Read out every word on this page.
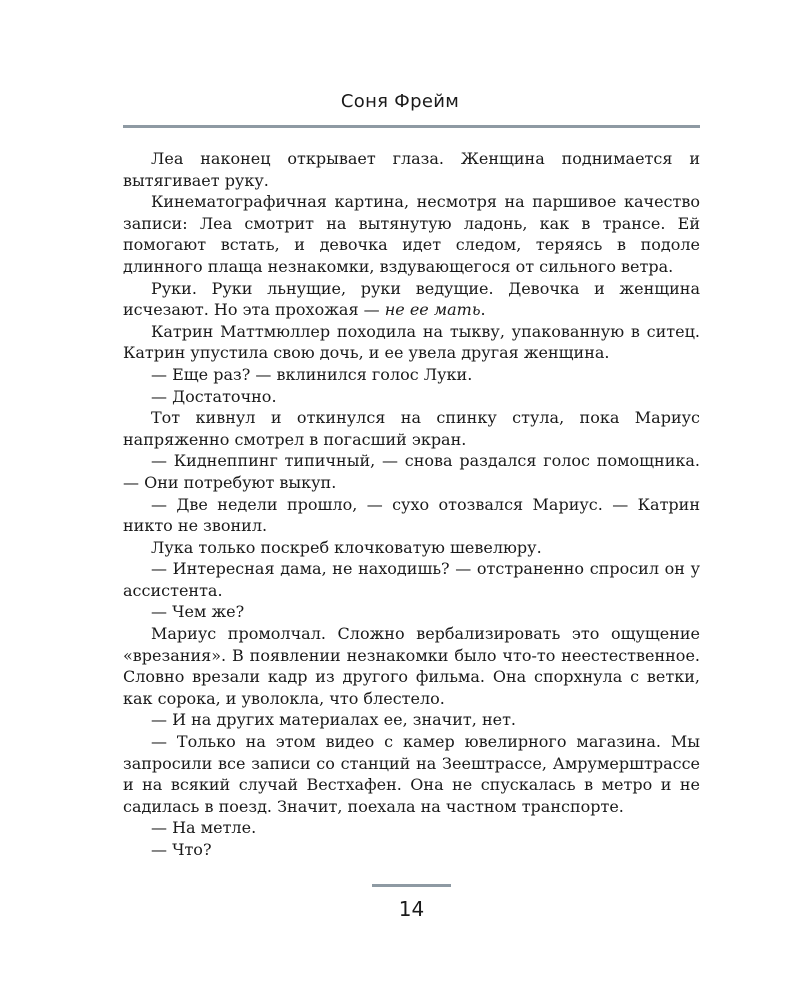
Соня Фрейм

Леа наконец открывает глаза. Женщина поднимается и вытягивает руку.

Кинематографичная картина, несмотря на паршивое качество записи: Леа смотрит на вытянутую ладонь, как в трансе. Ей помогают встать, и девочка идет следом, теряясь в подоле длинного плаща незнакомки, вздувающегося от сильного ветра.

Руки. Руки льнущие, руки ведущие. Девочка и женщина исчезают. Но эта прохожая — не ее мать.

Катрин Маттмюллер походила на тыкву, упакованную в ситец. Катрин упустила свою дочь, и ее увела другая женщина.

— Еще раз? — вклинился голос Луки.

— Достаточно.

Тот кивнул и откинулся на спинку стула, пока Мариус напряженно смотрел в погасший экран.

— Киднеппинг типичный, — снова раздался голос помощника. — Они потребуют выкуп.

— Две недели прошло, — сухо отозвался Мариус. — Катрин никто не звонил.

Лука только поскреб клочковатую шевелюру.

— Интересная дама, не находишь? — отстраненно спросил он у ассистента.

— Чем же?

Мариус промолчал. Сложно вербализировать это ощущение «врезания». В появлении незнакомки было что-то неестественное. Словно врезали кадр из другого фильма. Она спорхнула с ветки, как сорока, и уволокла, что блестело.

— И на других материалах ее, значит, нет.

— Только на этом видео с камер ювелирного магазина. Мы запросили все записи со станций на Зеештрассе, Амрумерштрассе и на всякий случай Вестхафен. Она не спускалась в метро и не садилась в поезд. Значит, поехала на частном транспорте.

— На метле.

— Что?

14
